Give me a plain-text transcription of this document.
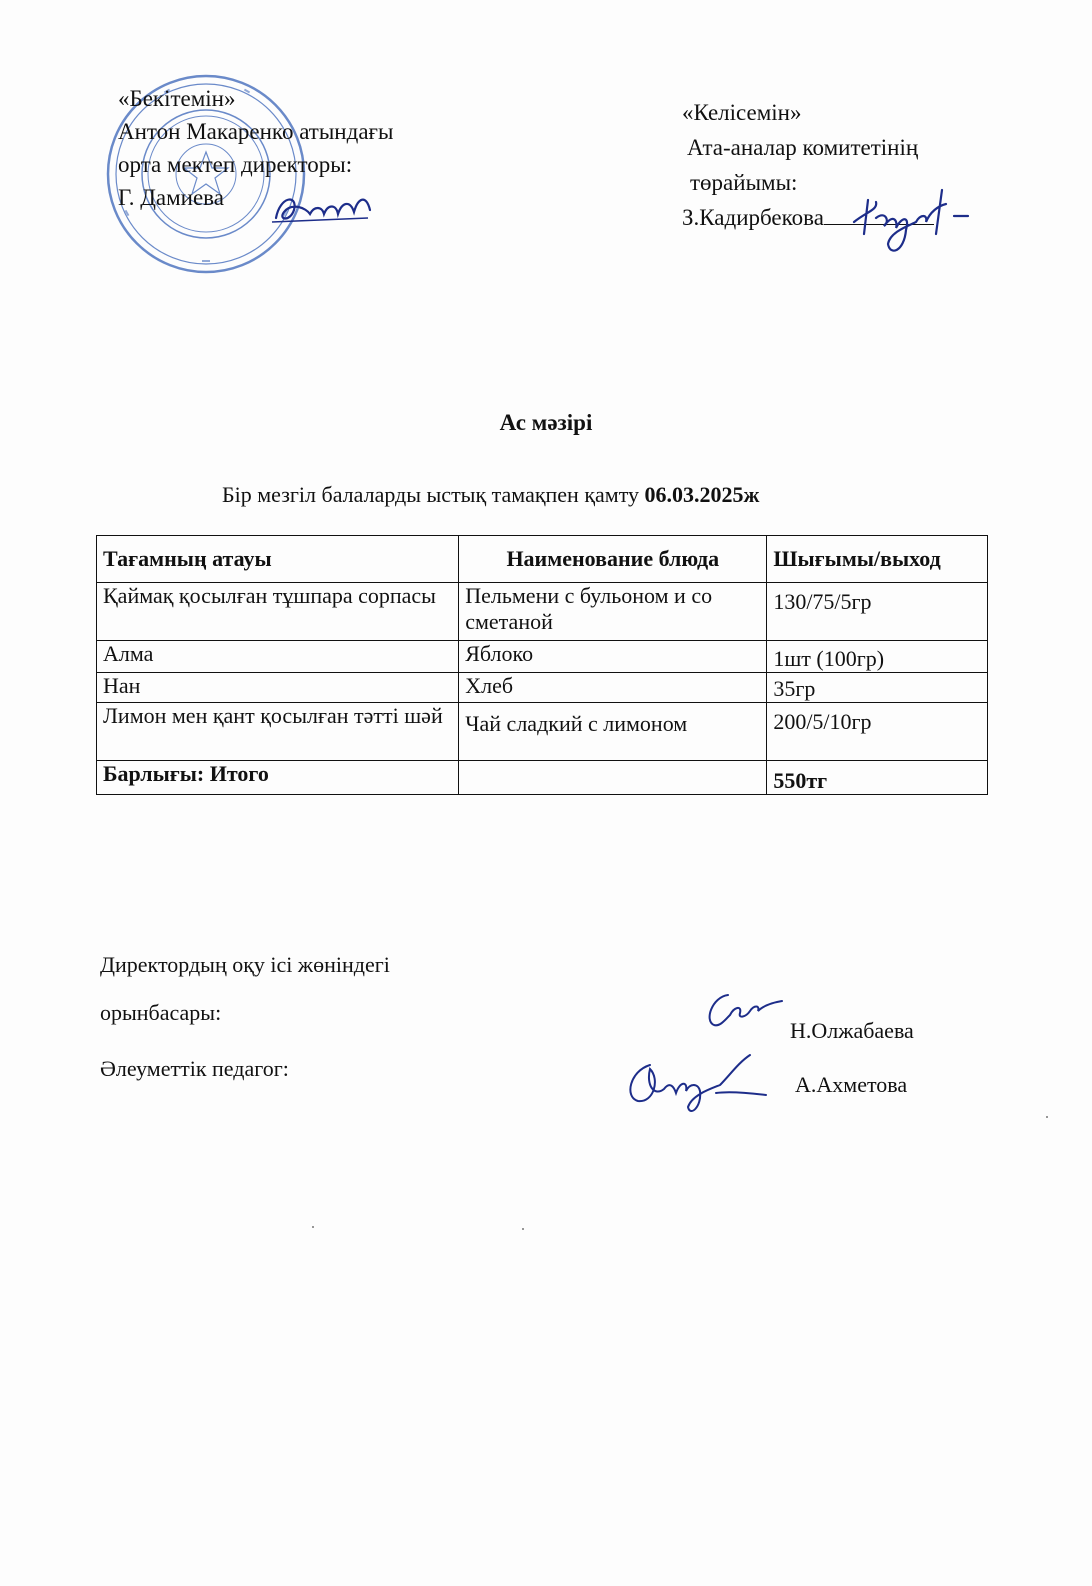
«Бекітемін»
Антон Макаренко атындағы
орта мектеп директоры:
Г. Дамиева
«Келісемін»
Ата-аналар комитетінің
төрайымы:
З.Кадирбекова
Ас мәзірі
Бір мезгіл балаларды ыстық тамақпен қамту 06.03.2025ж
Тағамның атауы	Наименование блюда	Шығымы/выход
Қаймақ қосылған тұшпара сорпасы	Пельмени с бульоном и со сметаной	130/75/5гр
Алма	Яблоко	1шт (100гр)
Нан	Хлеб	35гр
Лимон мен қант қосылған тәтті шәй	Чай сладкий с лимоном	200/5/10гр
Барлығы: Итого		550тг
Директордың оқу ісі жөніндегі
орынбасары:
Әлеуметтік педагог:
Н.Олжабаева
А.Ахметова
